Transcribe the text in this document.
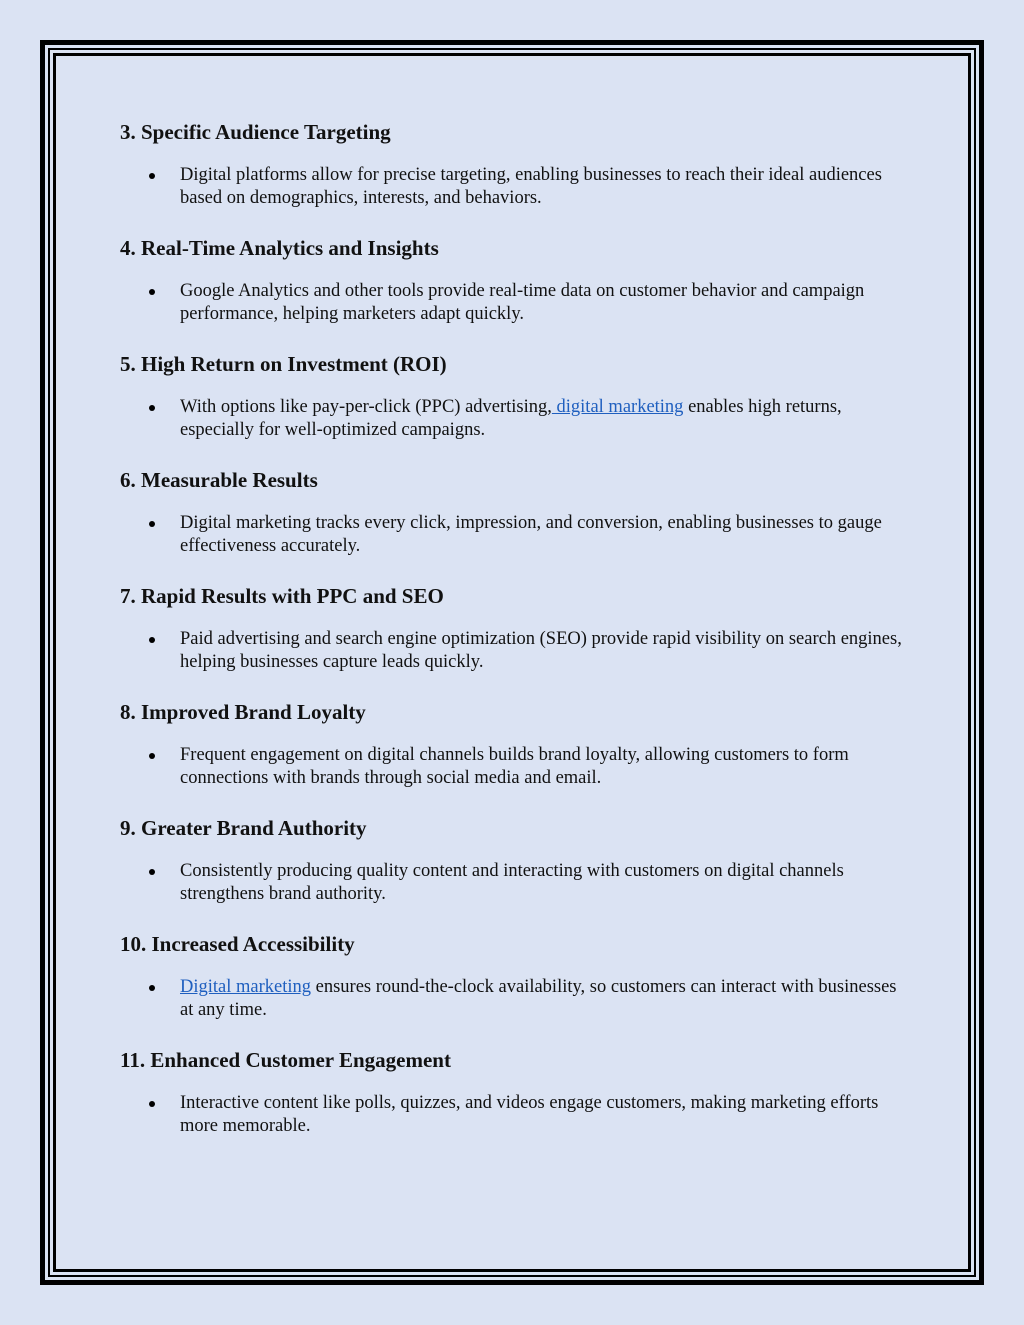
3. Specific Audience Targeting
Digital platforms allow for precise targeting, enabling businesses to reach their ideal audiences based on demographics, interests, and behaviors.
4. Real-Time Analytics and Insights
Google Analytics and other tools provide real-time data on customer behavior and campaign performance, helping marketers adapt quickly.
5. High Return on Investment (ROI)
With options like pay-per-click (PPC) advertising, digital marketing enables high returns, especially for well-optimized campaigns.
6. Measurable Results
Digital marketing tracks every click, impression, and conversion, enabling businesses to gauge effectiveness accurately.
7. Rapid Results with PPC and SEO
Paid advertising and search engine optimization (SEO) provide rapid visibility on search engines, helping businesses capture leads quickly.
8. Improved Brand Loyalty
Frequent engagement on digital channels builds brand loyalty, allowing customers to form connections with brands through social media and email.
9. Greater Brand Authority
Consistently producing quality content and interacting with customers on digital channels strengthens brand authority.
10. Increased Accessibility
Digital marketing ensures round-the-clock availability, so customers can interact with businesses at any time.
11. Enhanced Customer Engagement
Interactive content like polls, quizzes, and videos engage customers, making marketing efforts more memorable.
